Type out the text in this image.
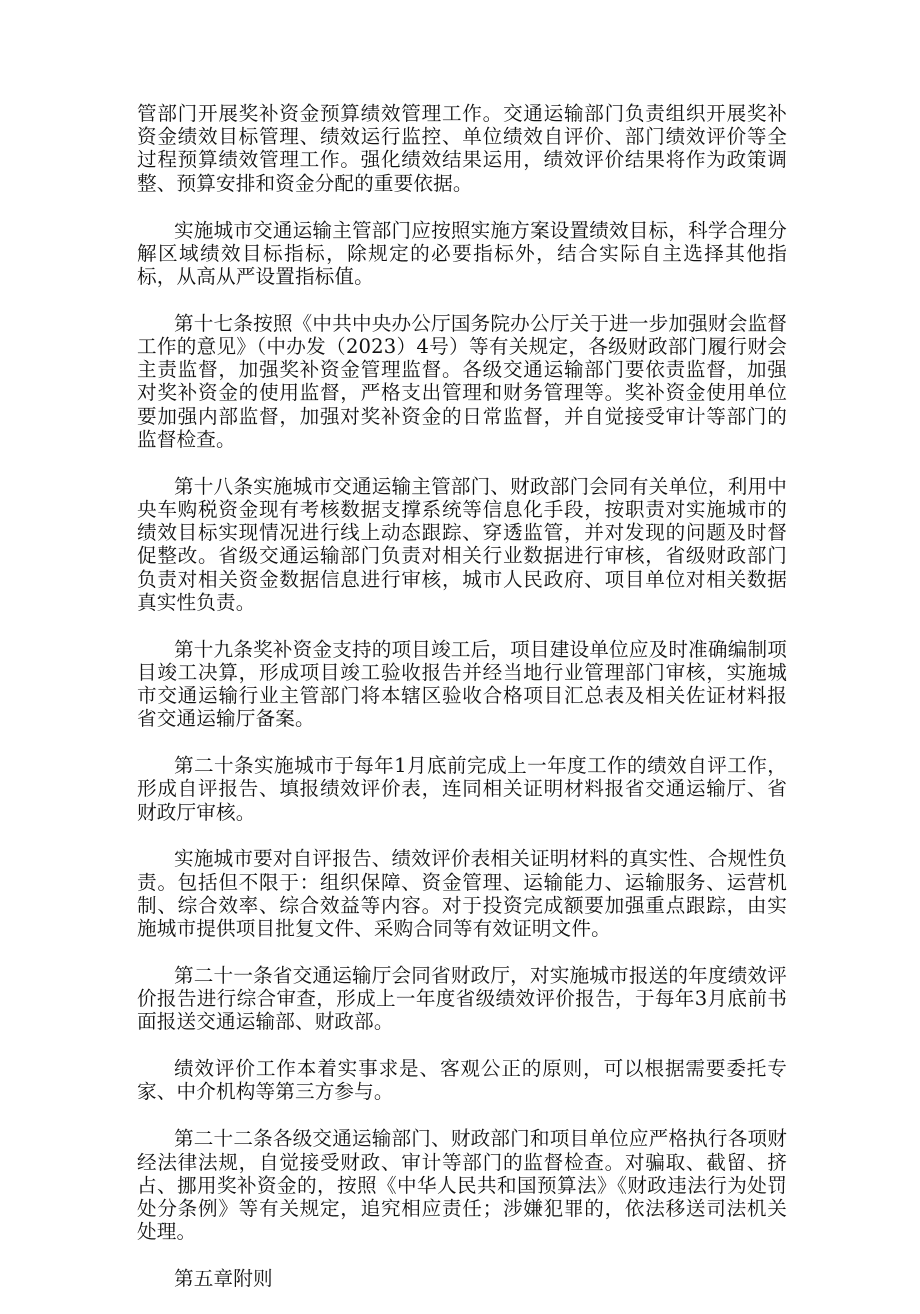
管部门开展奖补资金预算绩效管理工作。交通运输部门负责组织开展奖补资金绩效目标管理、绩效运行监控、单位绩效自评价、部门绩效评价等全过程预算绩效管理工作。强化绩效结果运用，绩效评价结果将作为政策调整、预算安排和资金分配的重要依据。

实施城市交通运输主管部门应按照实施方案设置绩效目标，科学合理分解区域绩效目标指标，除规定的必要指标外，结合实际自主选择其他指标，从高从严设置指标值。

第十七条按照《中共中央办公厅国务院办公厅关于进一步加强财会监督工作的意见》（中办发（2023）4号）等有关规定，各级财政部门履行财会主责监督，加强奖补资金管理监督。各级交通运输部门要依责监督，加强对奖补资金的使用监督，严格支出管理和财务管理等。奖补资金使用单位要加强内部监督，加强对奖补资金的日常监督，并自觉接受审计等部门的监督检查。

第十八条实施城市交通运输主管部门、财政部门会同有关单位，利用中央车购税资金现有考核数据支撑系统等信息化手段，按职责对实施城市的绩效目标实现情况进行线上动态跟踪、穿透监管，并对发现的问题及时督促整改。省级交通运输部门负责对相关行业数据进行审核，省级财政部门负责对相关资金数据信息进行审核，城市人民政府、项目单位对相关数据真实性负责。

第十九条奖补资金支持的项目竣工后，项目建设单位应及时准确编制项目竣工决算，形成项目竣工验收报告并经当地行业管理部门审核，实施城市交通运输行业主管部门将本辖区验收合格项目汇总表及相关佐证材料报省交通运输厅备案。

第二十条实施城市于每年1月底前完成上一年度工作的绩效自评工作，形成自评报告、填报绩效评价表，连同相关证明材料报省交通运输厅、省财政厅审核。

实施城市要对自评报告、绩效评价表相关证明材料的真实性、合规性负责。包括但不限于：组织保障、资金管理、运输能力、运输服务、运营机制、综合效率、综合效益等内容。对于投资完成额要加强重点跟踪，由实施城市提供项目批复文件、采购合同等有效证明文件。

第二十一条省交通运输厅会同省财政厅，对实施城市报送的年度绩效评价报告进行综合审查，形成上一年度省级绩效评价报告，于每年3月底前书面报送交通运输部、财政部。

绩效评价工作本着实事求是、客观公正的原则，可以根据需要委托专家、中介机构等第三方参与。

第二十二条各级交通运输部门、财政部门和项目单位应严格执行各项财经法律法规，自觉接受财政、审计等部门的监督检查。对骗取、截留、挤占、挪用奖补资金的，按照《中华人民共和国预算法》《财政违法行为处罚处分条例》等有关规定，追究相应责任；涉嫌犯罪的，依法移送司法机关处理。

第五章附则
